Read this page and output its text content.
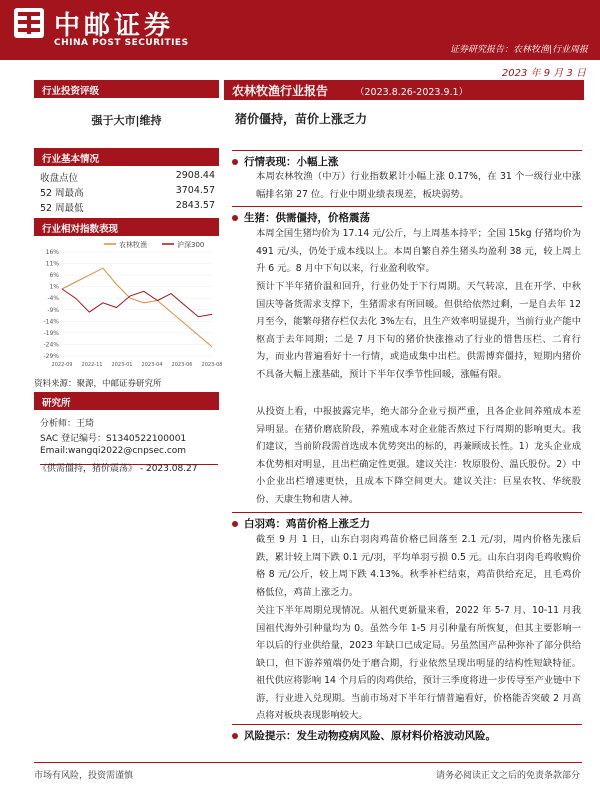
中邮证券
CHINA POST SECURITIES
证券研究报告：农林牧渔|行业周报
2023 年 9 月 3 日
行业投资评级
强于大市|维持
行业基本情况
收盘点位	2908.44
52 周最高	3704.57
52 周最低	2843.57
行业相对指数表现
16%
11%
6%
1%
-4%
-9%
-14%
-19%
-24%
-29%
2022-09 2022-11 2023-01 2023-04 2023-06 2023-08
农林牧渔	沪深300
资料来源：聚源，中邮证券研究所
研究所
分析师：王琦
SAC 登记编号：S1340522100001
Email:wangqi2022@cnpsec.com
《供需僵持，猪价震荡》 - 2023.08.27
农林牧渔行业报告	（2023.8.26-2023.9.1）
猪价僵持，苗价上涨乏力
行情表现：小幅上涨
本周农林牧渔（中万）行业指数累计小幅上涨 0.17%，在 31 个一级行业中涨幅排名第 27 位。行业中期业绩表现差，板块弱势。
生猪：供需僵持，价格震荡
本周全国生猪均价为 17.14 元/公斤，与上周基本持平；全国 15kg 仔猪均价为 491 元/头，仍处于成本线以上。本周自繁自养生猪头均盈利 38 元，较上周上升 6 元。8 月中下旬以来，行业盈利收窄。
预计下半年猪价温和回升，行业仍处于下行周期。天气转凉，且在开学、中秋国庆等备货需求支撑下，生猪需求有所回暖。但供给依然过剩，一是自去年 12 月至今，能繁母猪存栏仅去化 3%左右，且生产效率明显提升，当前行业产能中枢高于去年同期；二是 7 月下旬的猪价快涨推动了行业的惜售压栏、二育行为，而业内普遍看好十一行情，或造成集中出栏。供需博弈僵持，短期内猪价不具备大幅上涨基础，预计下半年仅季节性回暖，涨幅有限。
从投资上看，中报披露完毕，绝大部分企业亏损严重，且各企业间养殖成本差异明显。在猪价磨底阶段，养殖成本对企业能否熬过下行周期的影响更大。我们建议，当前阶段需首选成本优势突出的标的，再兼顾成长性。1）龙头企业成本优势相对明显，且出栏确定性更强。建议关注：牧原股份、温氏股份。2）中小企业出栏增速更快，且成本下降空间更大。建议关注：巨星农牧、华统股份、天康生物和唐人神。
白羽鸡：鸡苗价格上涨乏力
截至 9 月 1 日，山东白羽肉鸡苗价格已回落至 2.1 元/羽，周内价格先涨后跌，累计较上周下跌 0.1 元/羽，平均单羽亏损 0.5 元。山东白羽肉毛鸡收购价格 8 元/公斤，较上周下跌 4.13%。秋季补栏结束，鸡苗供给充足，且毛鸡价格低位，鸡苗上涨乏力。
关注下半年周期兑现情况。从祖代更新量来看，2022 年 5-7 月、10-11 月我国祖代海外引种量均为 0。虽然今年 1-5 月引种量有所恢复，但其主要影响一年以后的行业供给量，2023 年缺口已成定局。另虽然国产品种弥补了部分供给缺口，但下游养殖端仍处于磨合期，行业依然呈现出明显的结构性短缺特征。祖代供应将影响 14 个月后的肉鸡供给，预计三季度将进一步传导至产业链中下游，行业进入兑现期。当前市场对下半年行情普遍看好，价格能否突破 2 月高点将对板块表现影响较大。
风险提示：发生动物疫病风险、原材料价格波动风险。
市场有风险，投资需谨慎	请务必阅读正文之后的免责条款部分
